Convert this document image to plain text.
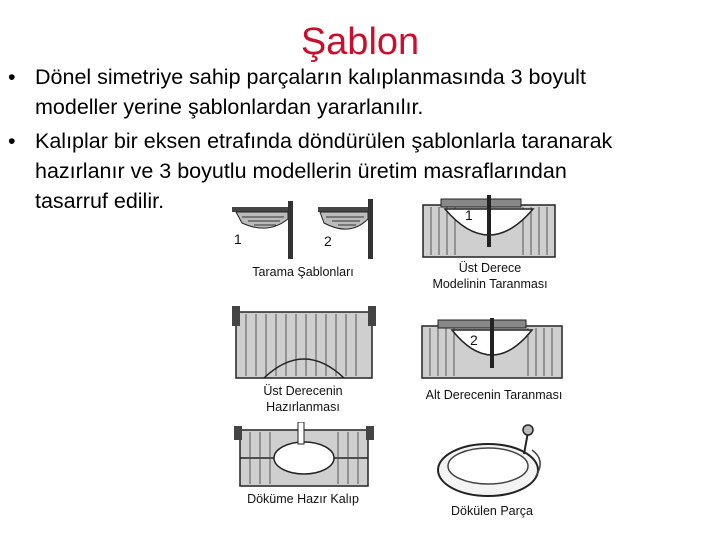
Şablon
• Dönel simetriye sahip parçaların kalıplanmasında 3 boyult
modeller yerine şablonlardan yararlanılır.
• Kalıplar bir eksen etrafında döndürülen şablonlarla taranarak
hazırlanır ve 3 boyutlu modellerin üretim masraflarından
tasarruf edilir.
1	2
Tarama Şablonları
1
Üst Derece
Modelinin Taranması
Üst Derecenin
Hazırlanması
2
Alt Derecenin Taranması
Döküme Hazır Kalıp
Dökülen Parça
